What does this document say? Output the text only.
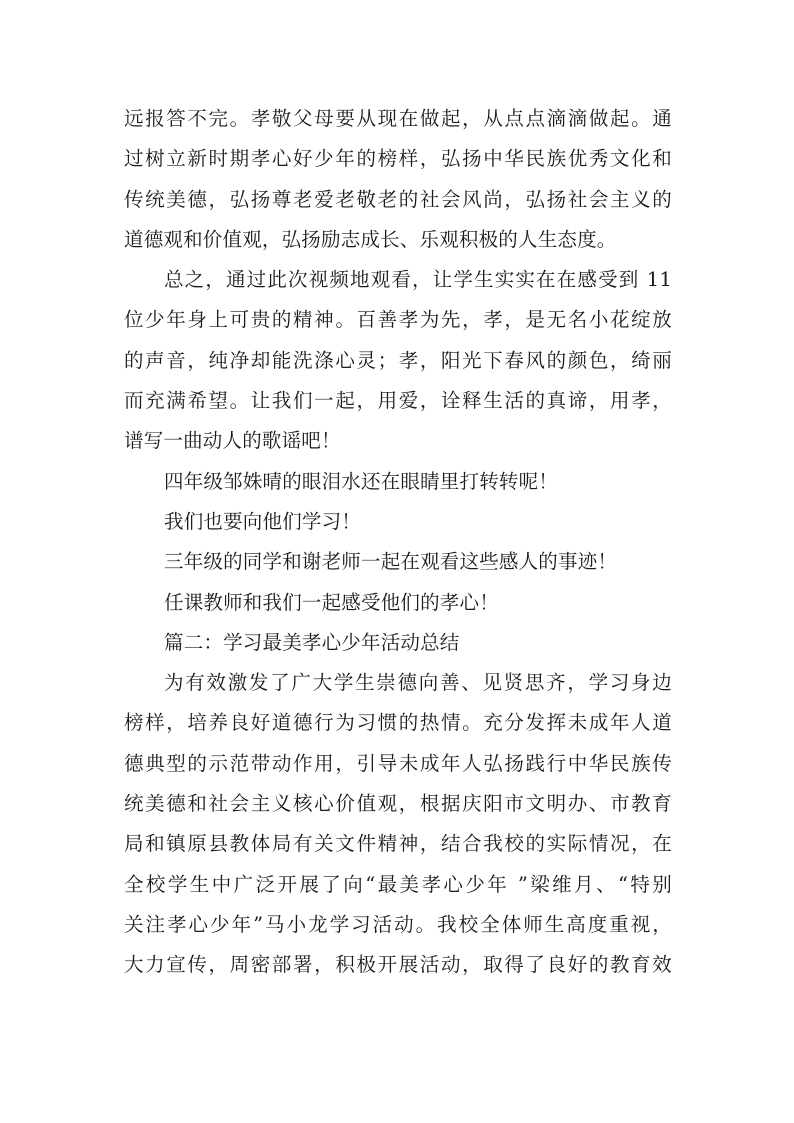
远报答不完。孝敬父母要从现在做起，从点点滴滴做起。通
过树立新时期孝心好少年的榜样，弘扬中华民族优秀文化和
传统美德，弘扬尊老爱老敬老的社会风尚，弘扬社会主义的
道德观和价值观，弘扬励志成长、乐观积极的人生态度。
总之，通过此次视频地观看，让学生实实在在感受到 11
位少年身上可贵的精神。百善孝为先，孝，是无名小花绽放
的声音，纯净却能洗涤心灵；孝，阳光下春风的颜色，绮丽
而充满希望。让我们一起，用爱，诠释生活的真谛，用孝，
谱写一曲动人的歌谣吧！
四年级邹姝晴的眼泪水还在眼睛里打转转呢！
我们也要向他们学习！
三年级的同学和谢老师一起在观看这些感人的事迹！
任课教师和我们一起感受他们的孝心！
篇二：学习最美孝心少年活动总结
为有效激发了广大学生崇德向善、见贤思齐，学习身边
榜样，培养良好道德行为习惯的热情。充分发挥未成年人道
德典型的示范带动作用，引导未成年人弘扬践行中华民族传
统美德和社会主义核心价值观，根据庆阳市文明办、市教育
局和镇原县教体局有关文件精神，结合我校的实际情况，在
全校学生中广泛开展了向“最美孝心少年 ”梁维月、“特别
关注孝心少年”马小龙学习活动。我校全体师生高度重视，
大力宣传，周密部署，积极开展活动，取得了良好的教育效
